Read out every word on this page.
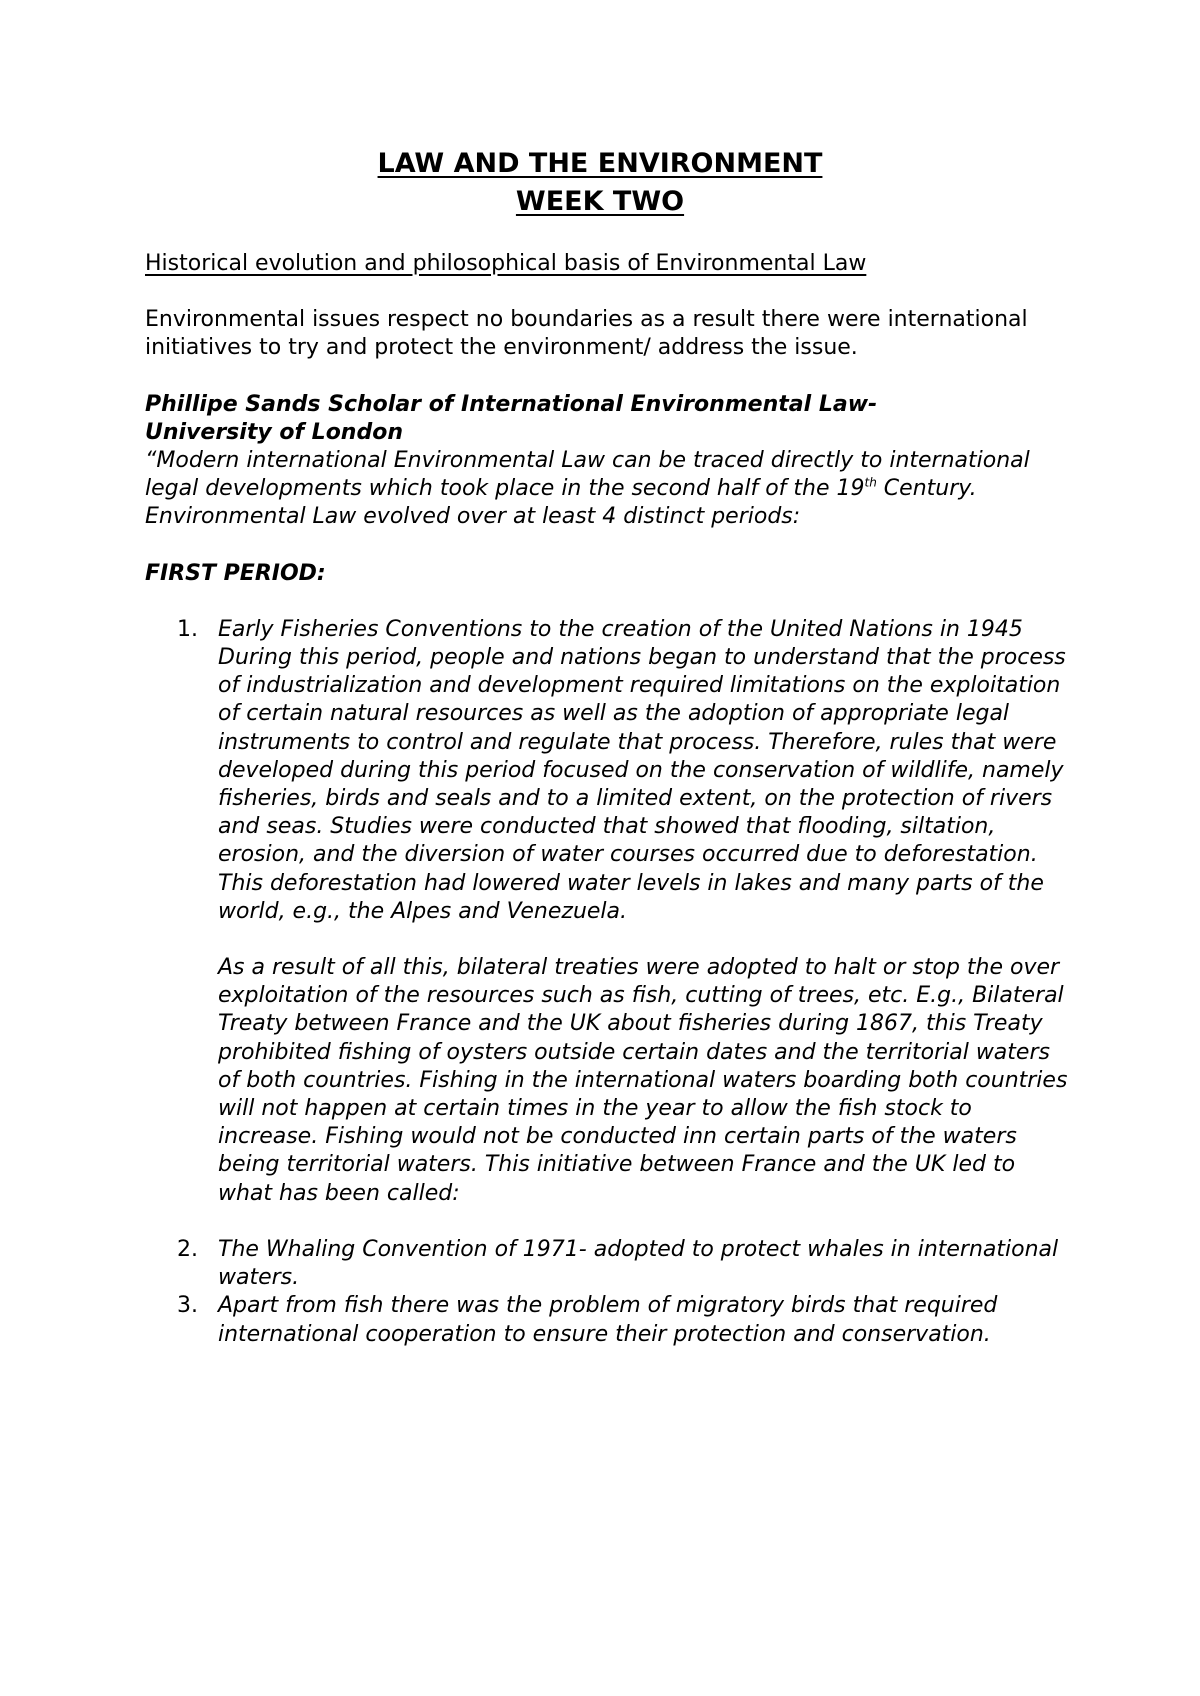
LAW AND THE ENVIRONMENT
WEEK TWO

Historical evolution and philosophical basis of Environmental Law

Environmental issues respect no boundaries as a result there were international initiatives to try and protect the environment/ address the issue.

Phillipe Sands Scholar of International Environmental Law-
University of London

“Modern international Environmental Law can be traced directly to international legal developments which took place in the second half of the 19th Century. Environmental Law evolved over at least 4 distinct periods:

FIRST PERIOD:

1. Early Fisheries Conventions to the creation of the United Nations in 1945
During this period, people and nations began to understand that the process of industrialization and development required limitations on the exploitation of certain natural resources as well as the adoption of appropriate legal instruments to control and regulate that process. Therefore, rules that were developed during this period focused on the conservation of wildlife, namely fisheries, birds and seals and to a limited extent, on the protection of rivers and seas. Studies were conducted that showed that flooding, siltation, erosion, and the diversion of water courses occurred due to deforestation. This deforestation had lowered water levels in lakes and many parts of the world, e.g., the Alpes and Venezuela.
As a result of all this, bilateral treaties were adopted to halt or stop the over exploitation of the resources such as fish, cutting of trees, etc. E.g., Bilateral Treaty between France and the UK about fisheries during 1867, this Treaty prohibited fishing of oysters outside certain dates and the territorial waters of both countries. Fishing in the international waters boarding both countries will not happen at certain times in the year to allow the fish stock to increase. Fishing would not be conducted inn certain parts of the waters being territorial waters. This initiative between France and the UK led to what has been called:
2. The Whaling Convention of 1971- adopted to protect whales in international waters.
3. Apart from fish there was the problem of migratory birds that required international cooperation to ensure their protection and conservation.
